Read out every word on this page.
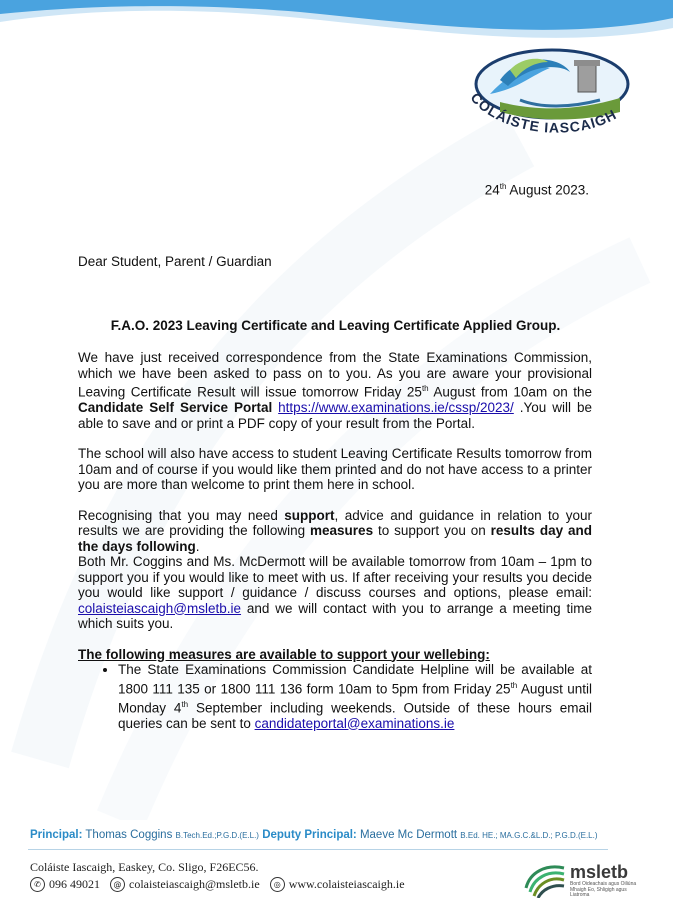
COLÁISTE IASCAIGH
24th August 2023.
Dear Student, Parent / Guardian
F.A.O. 2023 Leaving Certificate and Leaving Certificate Applied Group.

We have just received correspondence from the State Examinations Commission, which we have been asked to pass on to you. As you are aware your provisional Leaving Certificate Result will issue tomorrow Friday 25th August from 10am on the Candidate Self Service Portal https://www.examinations.ie/cssp/2023/ .You will be able to save and or print a PDF copy of your result from the Portal.

The school will also have access to student Leaving Certificate Results tomorrow from 10am and of course if you would like them printed and do not have access to a printer you are more than welcome to print them here in school.

Recognising that you may need support, advice and guidance in relation to your results we are providing the following measures to support you on results day and the days following.

Both Mr. Coggins and Ms. McDermott will be available tomorrow from 10am – 1pm to support you if you would like to meet with us. If after receiving your results you decide you would like support / guidance / discuss courses and options, please email: colaisteiascaigh@msletb.ie and we will contact with you to arrange a meeting time which suits you.

The following measures are available to support your wellebing:
• The State Examinations Commission Candidate Helpline will be available at 1800 111 135 or 1800 111 136 form 10am to 5pm from Friday 25th August until Monday 4th September including weekends. Outside of these hours email queries can be sent to candidateportal@examinations.ie
Principal: Thomas Coggins B.Tech.Ed.;P.G.D.(E.L.) Deputy Principal: Maeve Mc Dermott B.Ed. HE.; MA.G.C.&L.D.; P.G.D.(E.L.)
Coláiste Iascaigh, Easkey, Co. Sligo, F26EC56.
✆ 096 49021	@ colaisteiascaigh@msletb.ie	◎ www.colaisteiascaigh.ie
msletb
Bord Oideachais agus Oiliúna Mhaigh Eo, Shligigh agus Liatroma
